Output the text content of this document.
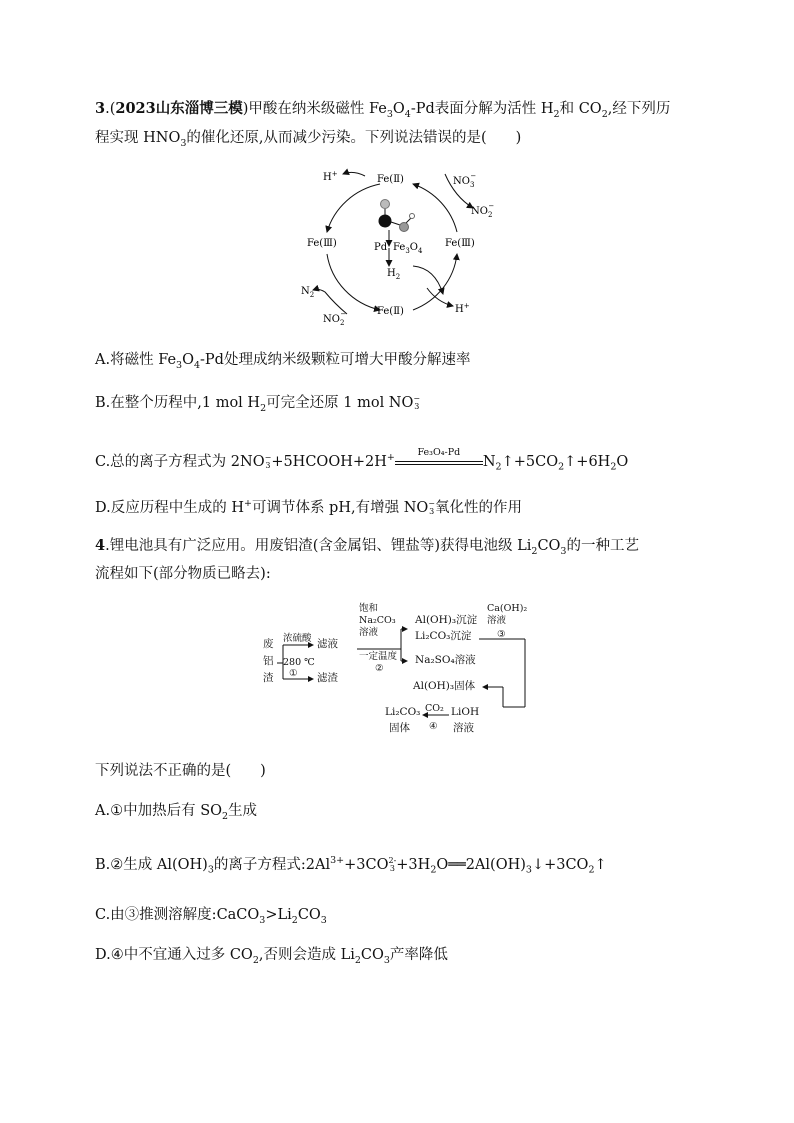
3.(2023山东淄博三模)甲酸在纳米级磁性 $Fe_3O_4-Pd$表面分解为活性 $H_2$和 $CO_2$,经下列历
程实现 $HNO_3$的催化还原,从而减少污染。下列说法错误的是(　　)
Fe(Ⅱ)
Fe(Ⅲ)
Fe(Ⅲ)
Fe(Ⅱ)
H+
$NO_3-$
$NO_2-$
$NO_2-$
$N_2$
H+
Pd $Fe_3O_4$
$H_2$
A.将磁性 $Fe_3O_4-Pd$处理成纳米级颗粒可增大甲酸分解速率
B.在整个历程中,1 mol $H_2$可完全还原 1 mol NO−
3
C.总的离子方程式为 2NO−
3+5HCOOH+2H+	Fe₃O₄-Pd
$N_2↑+5CO_2↑+6H_2O$
D.反应历程中生成的 H+可调节体系 pH,有增强 NO−
3氧化性的作用
4.锂电池具有广泛应用。用废铝渣(含金属铝、锂盐等)获得电池级 $Li_2CO_3$的一种工艺
流程如下(部分物质已略去):
废
铝
渣
浓硫酸
280 ℃
①
滤液
滤渣
饱和
Na₂CO₃
溶液
一定温度
②
Al(OH)₃沉淀
Li₂CO₃沉淀
Na₂SO₄溶液
Ca(OH)₂
溶液
③
Al(OH)₃固体
Li₂CO₃
固体
CO₂
④
LiOH
溶液
下列说法不正确的是(　　)
A.①中加热后有 $SO_2$生成
B.②生成 $Al(OH)_3$的离子方程式$:2Al^{3+}+3CO2-$
$3+3H_2O══2Al(OH)_3↓+3CO_2↑$
C.由③推测溶解度$:CaCO_3>Li_2CO_3$
D.④中不宜通入过多 $CO_2$,否则会造成 $Li_2CO_3$产率降低
